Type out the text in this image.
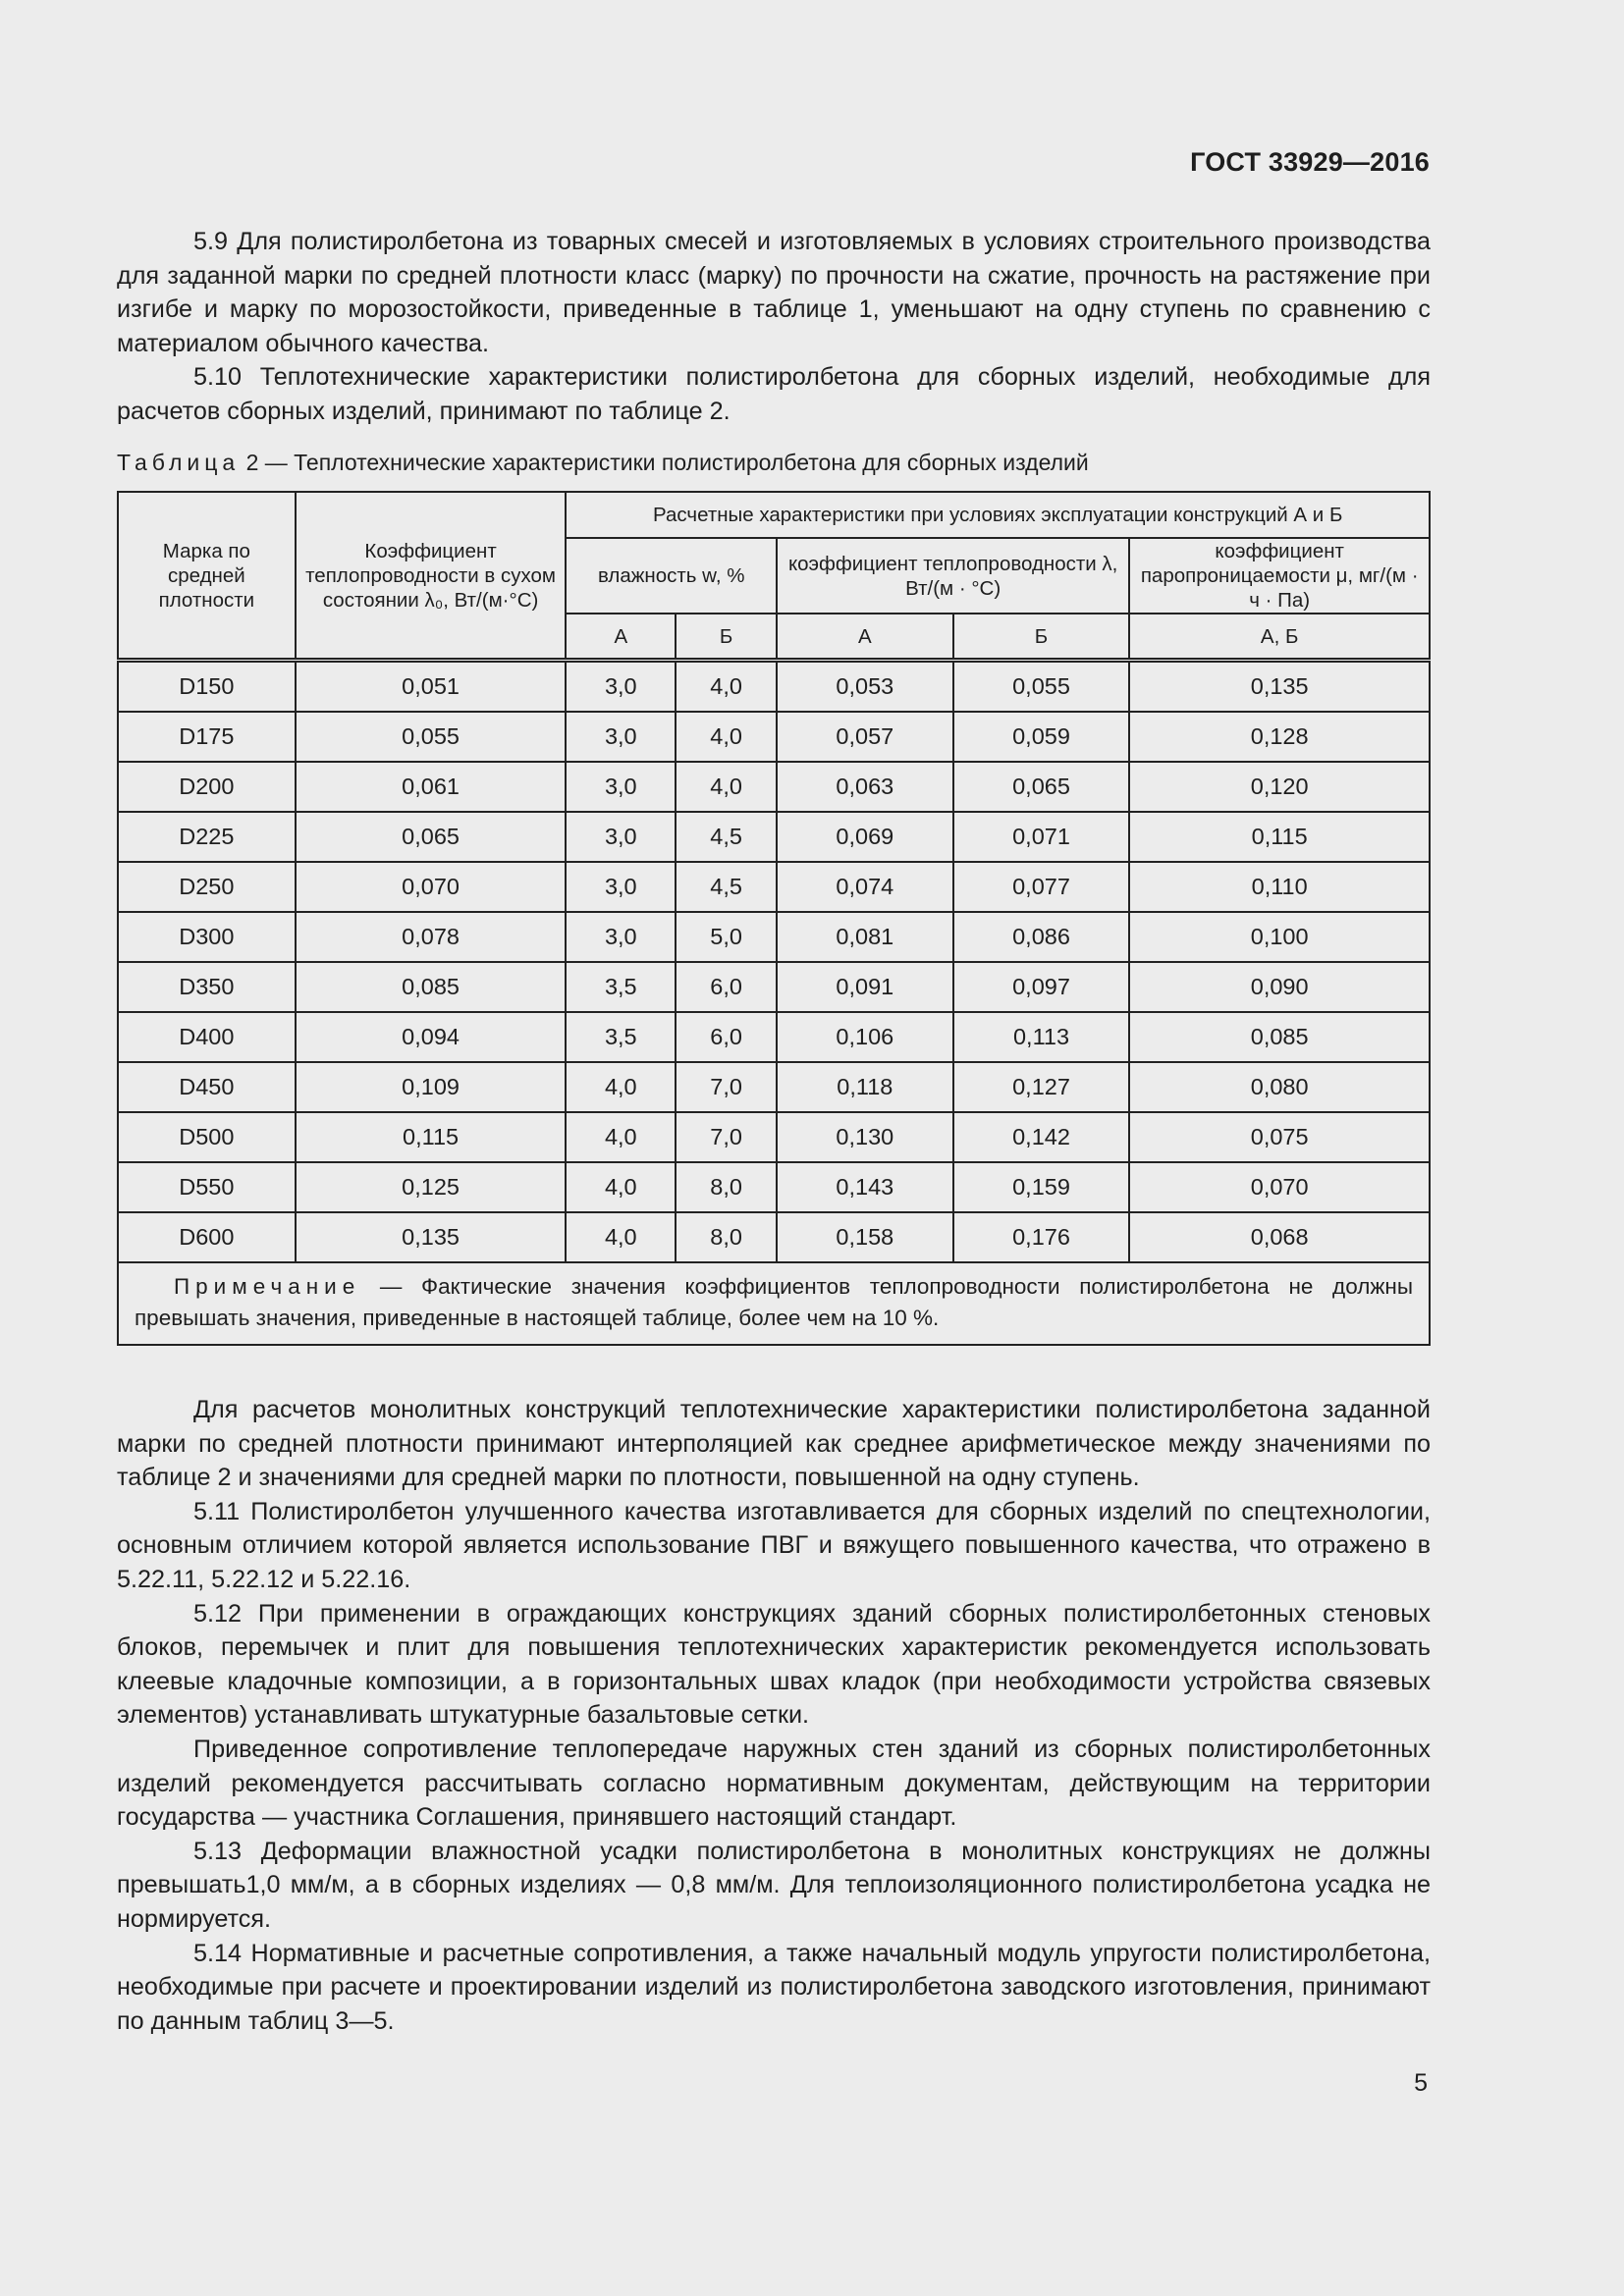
ГОСТ 33929—2016

5.9 Для полистиролбетона из товарных смесей и изготовляемых в условиях строительного производства для заданной марки по средней плотности класс (марку) по прочности на сжатие, прочность на растяжение при изгибе и марку по морозостойкости, приведенные в таблице 1, уменьшают на одну ступень по сравнению с материалом обычного качества.

5.10 Теплотехнические характеристики полистиролбетона для сборных изделий, необходимые для расчетов сборных изделий, принимают по таблице 2.

Таблица 2 — Теплотехнические характеристики полистиролбетона для сборных изделий
Марка по средней плотности	Коэффициент теплопроводности в сухом состоянии λ₀, Вт/(м·°С)	Расчетные характеристики при условиях эксплуатации конструкций А и Б				
		влажность w, %		коэффициент теплопроводности λ, Вт/(м · °С)		коэффициент паропроницаемости μ, мг/(м · ч · Па)
		А	Б	А	Б	А, Б
D150	0,051	3,0	4,0	0,053	0,055	0,135
D175	0,055	3,0	4,0	0,057	0,059	0,128
D200	0,061	3,0	4,0	0,063	0,065	0,120
D225	0,065	3,0	4,5	0,069	0,071	0,115
D250	0,070	3,0	4,5	0,074	0,077	0,110
D300	0,078	3,0	5,0	0,081	0,086	0,100
D350	0,085	3,5	6,0	0,091	0,097	0,090
D400	0,094	3,5	6,0	0,106	0,113	0,085
D450	0,109	4,0	7,0	0,118	0,127	0,080
D500	0,115	4,0	7,0	0,130	0,142	0,075
D550	0,125	4,0	8,0	0,143	0,159	0,070
D600	0,135	4,0	8,0	0,158	0,176	0,068
Примечание — Фактические значения коэффициентов теплопроводности полистиролбетона не должны превышать значения, приведенные в настоящей таблице, более чем на 10 %.						

Для расчетов монолитных конструкций теплотехнические характеристики полистиролбетона заданной марки по средней плотности принимают интерполяцией как среднее арифметическое между значениями по таблице 2 и значениями для средней марки по плотности, повышенной на одну ступень.

5.11 Полистиролбетон улучшенного качества изготавливается для сборных изделий по спецтехнологии, основным отличием которой является использование ПВГ и вяжущего повышенного качества, что отражено в 5.22.11, 5.22.12 и 5.22.16.

5.12 При применении в ограждающих конструкциях зданий сборных полистиролбетонных стеновых блоков, перемычек и плит для повышения теплотехнических характеристик рекомендуется использовать клеевые кладочные композиции, а в горизонтальных швах кладок (при необходимости устройства связевых элементов) устанавливать штукатурные базальтовые сетки.

Приведенное сопротивление теплопередаче наружных стен зданий из сборных полистиролбетонных изделий рекомендуется рассчитывать согласно нормативным документам, действующим на территории государства — участника Соглашения, принявшего настоящий стандарт.

5.13 Деформации влажностной усадки полистиролбетона в монолитных конструкциях не должны превышать1,0 мм/м, а в сборных изделиях — 0,8 мм/м. Для теплоизоляционного полистиролбетона усадка не нормируется.

5.14 Нормативные и расчетные сопротивления, а также начальный модуль упругости полистиролбетона, необходимые при расчете и проектировании изделий из полистиролбетона заводского изготовления, принимают по данным таблиц 3—5.

5
